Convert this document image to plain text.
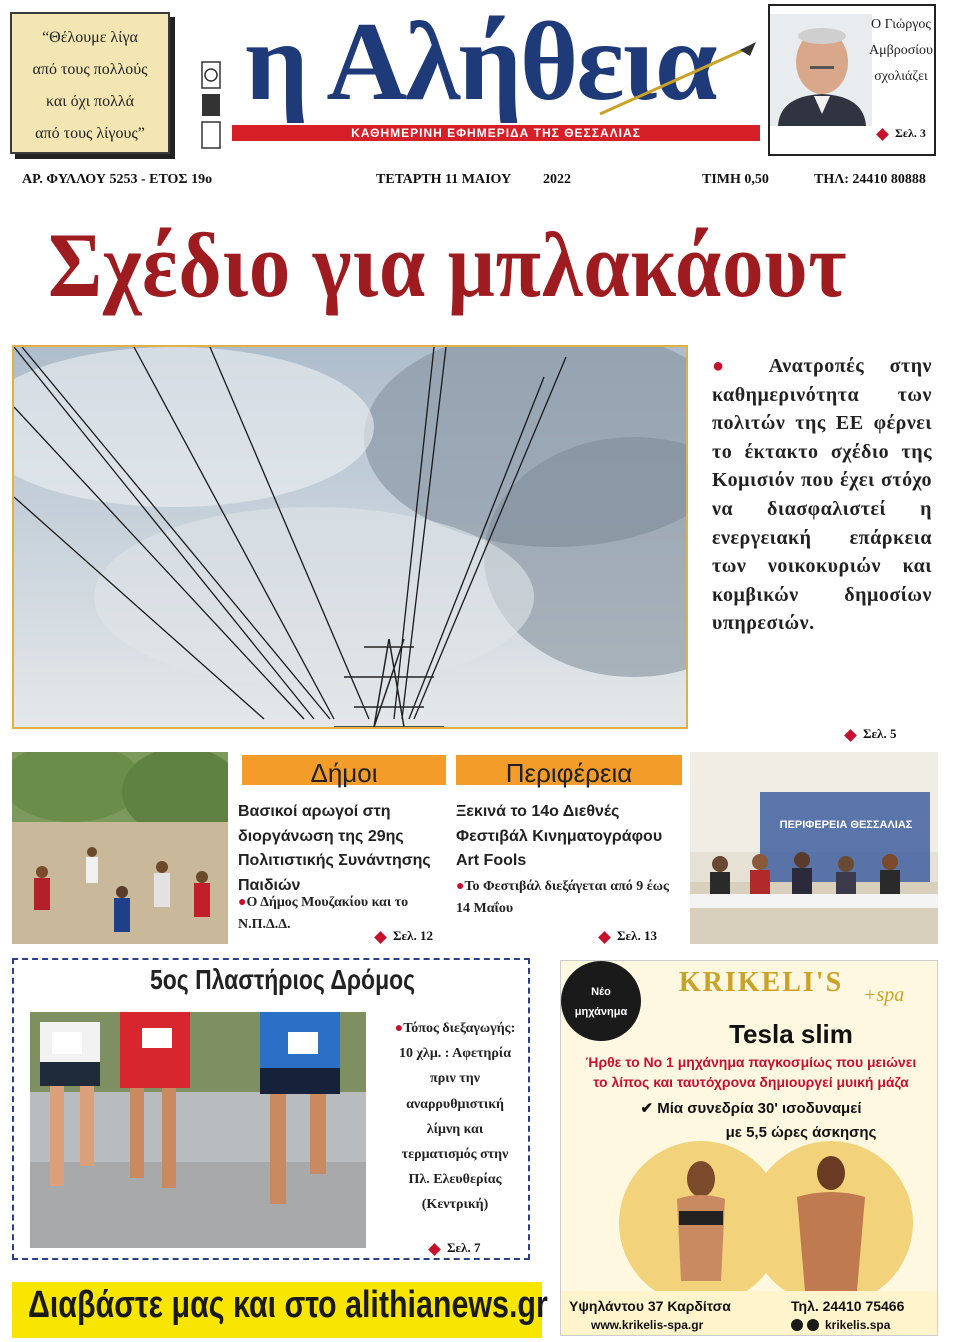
“Θέλουμε λίγα
από τους πολλούς
και όχι πολλά
από τους λίγους”
η Αλήθεια
ΚΑΘΗΜΕΡΙΝΗ ΕΦΗΜΕΡΙΔΑ ΤΗΣ ΘΕΣΣΑΛΙΑΣ
Ο Γιώργος
Αμβροσίου
σχολιάζει
Σελ. 3
ΑΡ. ΦΥΛΛΟΥ 5253 - ΕΤΟΣ 19ο	ΤΕΤΑΡΤΗ 11 ΜΑΙΟΥ 2022	ΤΙΜΗ 0,50	ΤΗΛ: 24410 80888
Σχέδιο για μπλακάουτ
● Ανατροπές στην καθημερινότητα των πολιτών της ΕΕ φέρνει το έκτακτο σχέδιο της Κομισιόν που έχει στόχο να διασφαλιστεί η ενεργειακή επάρκεια των νοικοκυριών και κομβικών δημοσίων υπηρεσιών.
Σελ. 5
Δήμοι
Βασικοί αρωγοί στη διοργάνωση της 29ης Πολιτιστικής Συνάντησης Παιδιών
●Ο Δήμος Μουζακίου και το Ν.Π.Δ.Δ.
Σελ. 12
Περιφέρεια
Ξεκινά το 14ο Διεθνές Φεστιβάλ Κινηματογράφου Art Fools
●Το Φεστιβάλ διεξάγεται από 9 έως 14 Μαΐου
Σελ. 13
ΠΕΡΙΦΕΡΕΙΑ ΘΕΣΣΑΛΙΑΣ
5ος Πλαστήριος Δρόμος
●Τόπος διεξαγωγής: 10 χλμ. : Αφετηρία πριν την αναρρυθμιστική λίμνη και τερματισμός στην Πλ. Ελευθερίας (Κεντρική)
Σελ. 7
Νέο
μηχάνημα
KRIKELI'S +spa
Tesla slim
Ήρθε το Νο 1 μηχάνημα παγκοσμίως που μειώνει
το λίπος και ταυτόχρονα δημιουργεί μυική μάζα
✔ Μία συνεδρία 30' ισοδυναμεί
με 5,5 ώρες άσκησης
Υψηλάντου 37 Καρδίτσα	Τηλ. 24410 75466
www.krikelis-spa.gr	krikelis.spa
Διαβάστε μας και στο alithianews.gr
